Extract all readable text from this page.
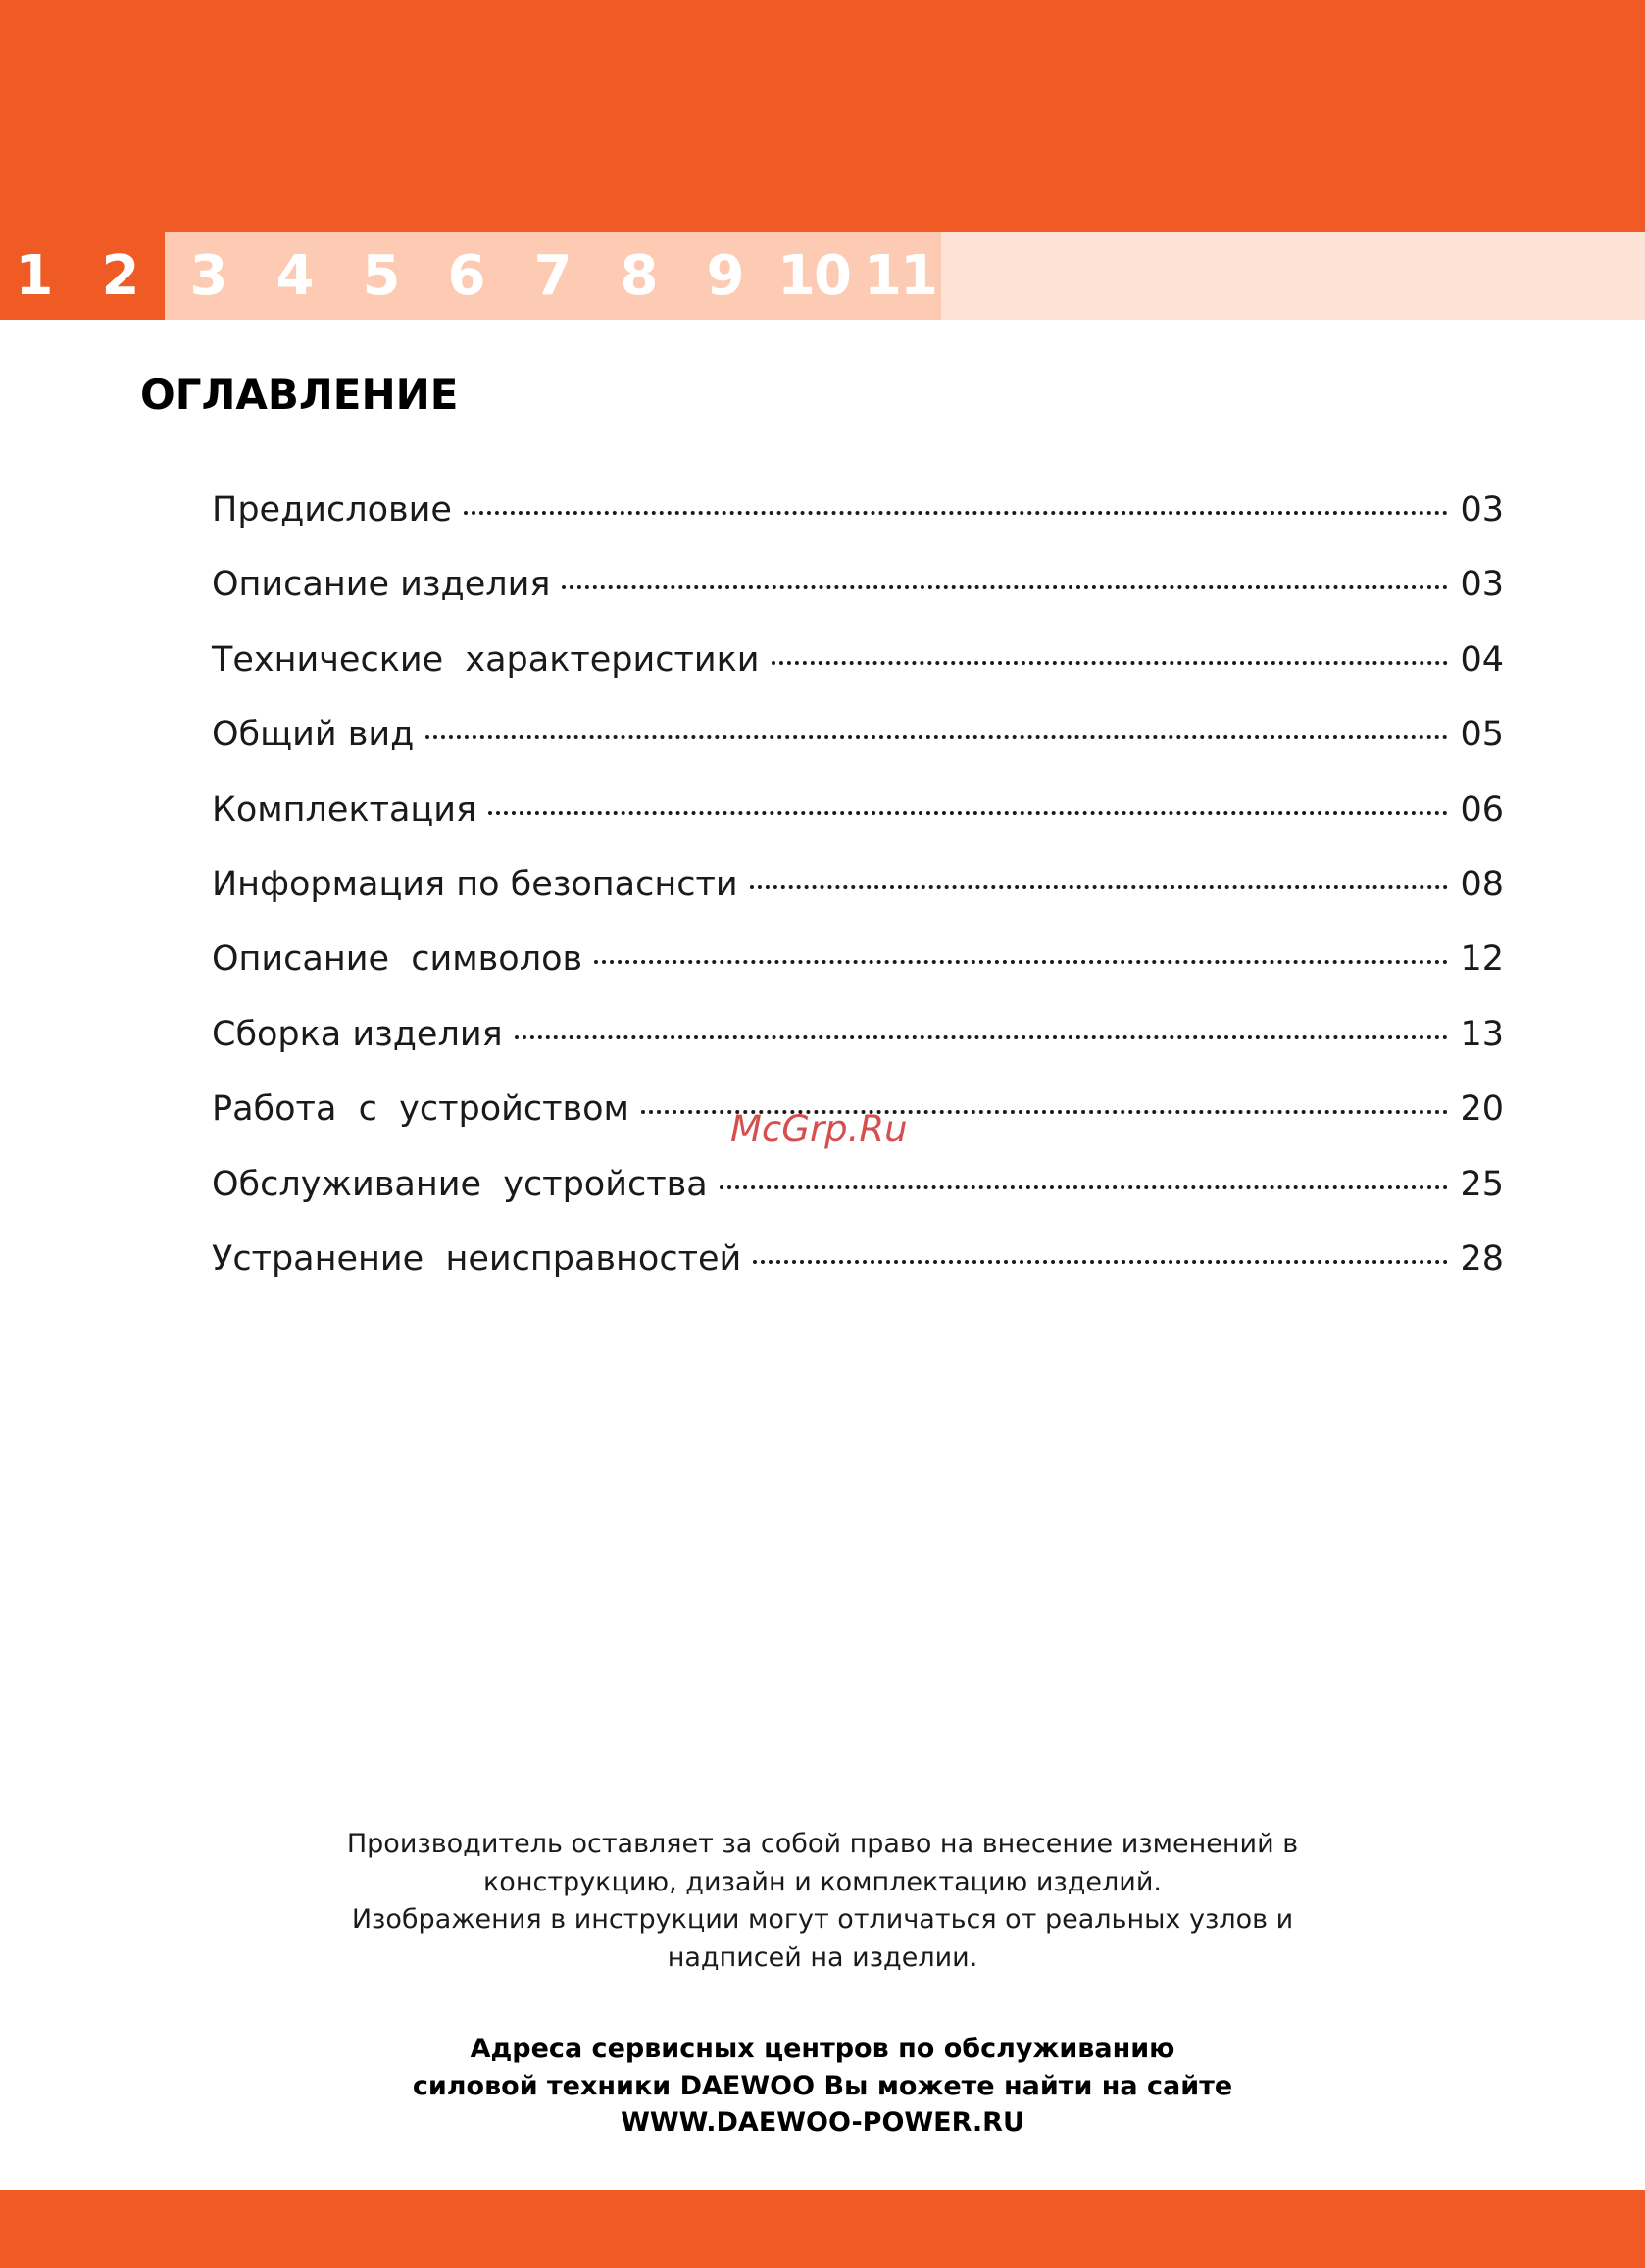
1 2 3 4 5 6 7 8 9 10 11
ОГЛАВЛЕНИЕ
Предисловие	03
Описание изделия	03
Технические  характеристики	04
Общий вид	05
Комплектация	06
Информация по безопаснсти	08
Описание  символов	12
Сборка изделия	13
Работа  с  устройством	20
Обслуживание  устройства	25
Устранение  неисправностей	28
McGrp.Ru
Производитель оставляет за собой право на внесение изменений в
конструкцию, дизайн и комплектацию изделий.
Изображения в инструкции могут отличаться от реальных узлов и
надписей на изделии.
Адреса сервисных центров по обслуживанию
силовой техники DAEWOO Вы можете найти на сайте
WWW.DAEWOO-POWER.RU
